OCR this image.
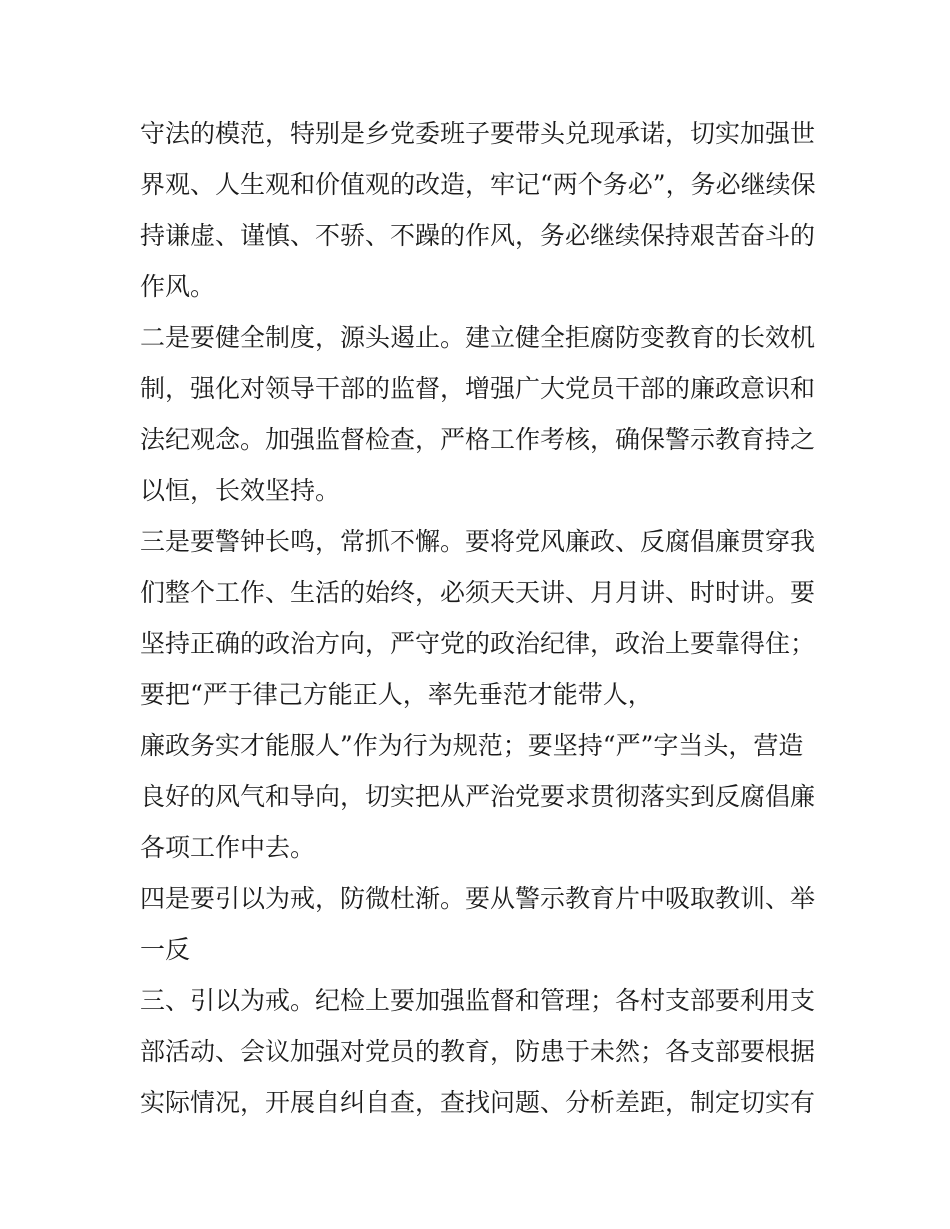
守法的模范，特别是乡党委班子要带头兑现承诺，切实加强世
界观、人生观和价值观的改造，牢记“两个务必”，务必继续保
持谦虚、谨慎、不骄、不躁的作风，务必继续保持艰苦奋斗的
作风。
二是要健全制度，源头遏止。建立健全拒腐防变教育的长效机
制，强化对领导干部的监督，增强广大党员干部的廉政意识和
法纪观念。加强监督检查，严格工作考核，确保警示教育持之
以恒，长效坚持。
三是要警钟长鸣，常抓不懈。要将党风廉政、反腐倡廉贯穿我
们整个工作、生活的始终，必须天天讲、月月讲、时时讲。要
坚持正确的政治方向，严守党的政治纪律，政治上要靠得住；
要把“严于律己方能正人，率先垂范才能带人，
廉政务实才能服人”作为行为规范；要坚持“严”字当头，营造
良好的风气和导向，切实把从严治党要求贯彻落实到反腐倡廉
各项工作中去。
四是要引以为戒，防微杜渐。要从警示教育片中吸取教训、举
一反
三、引以为戒。纪检上要加强监督和管理；各村支部要利用支
部活动、会议加强对党员的教育，防患于未然；各支部要根据
实际情况，开展自纠自查，查找问题、分析差距，制定切实有
